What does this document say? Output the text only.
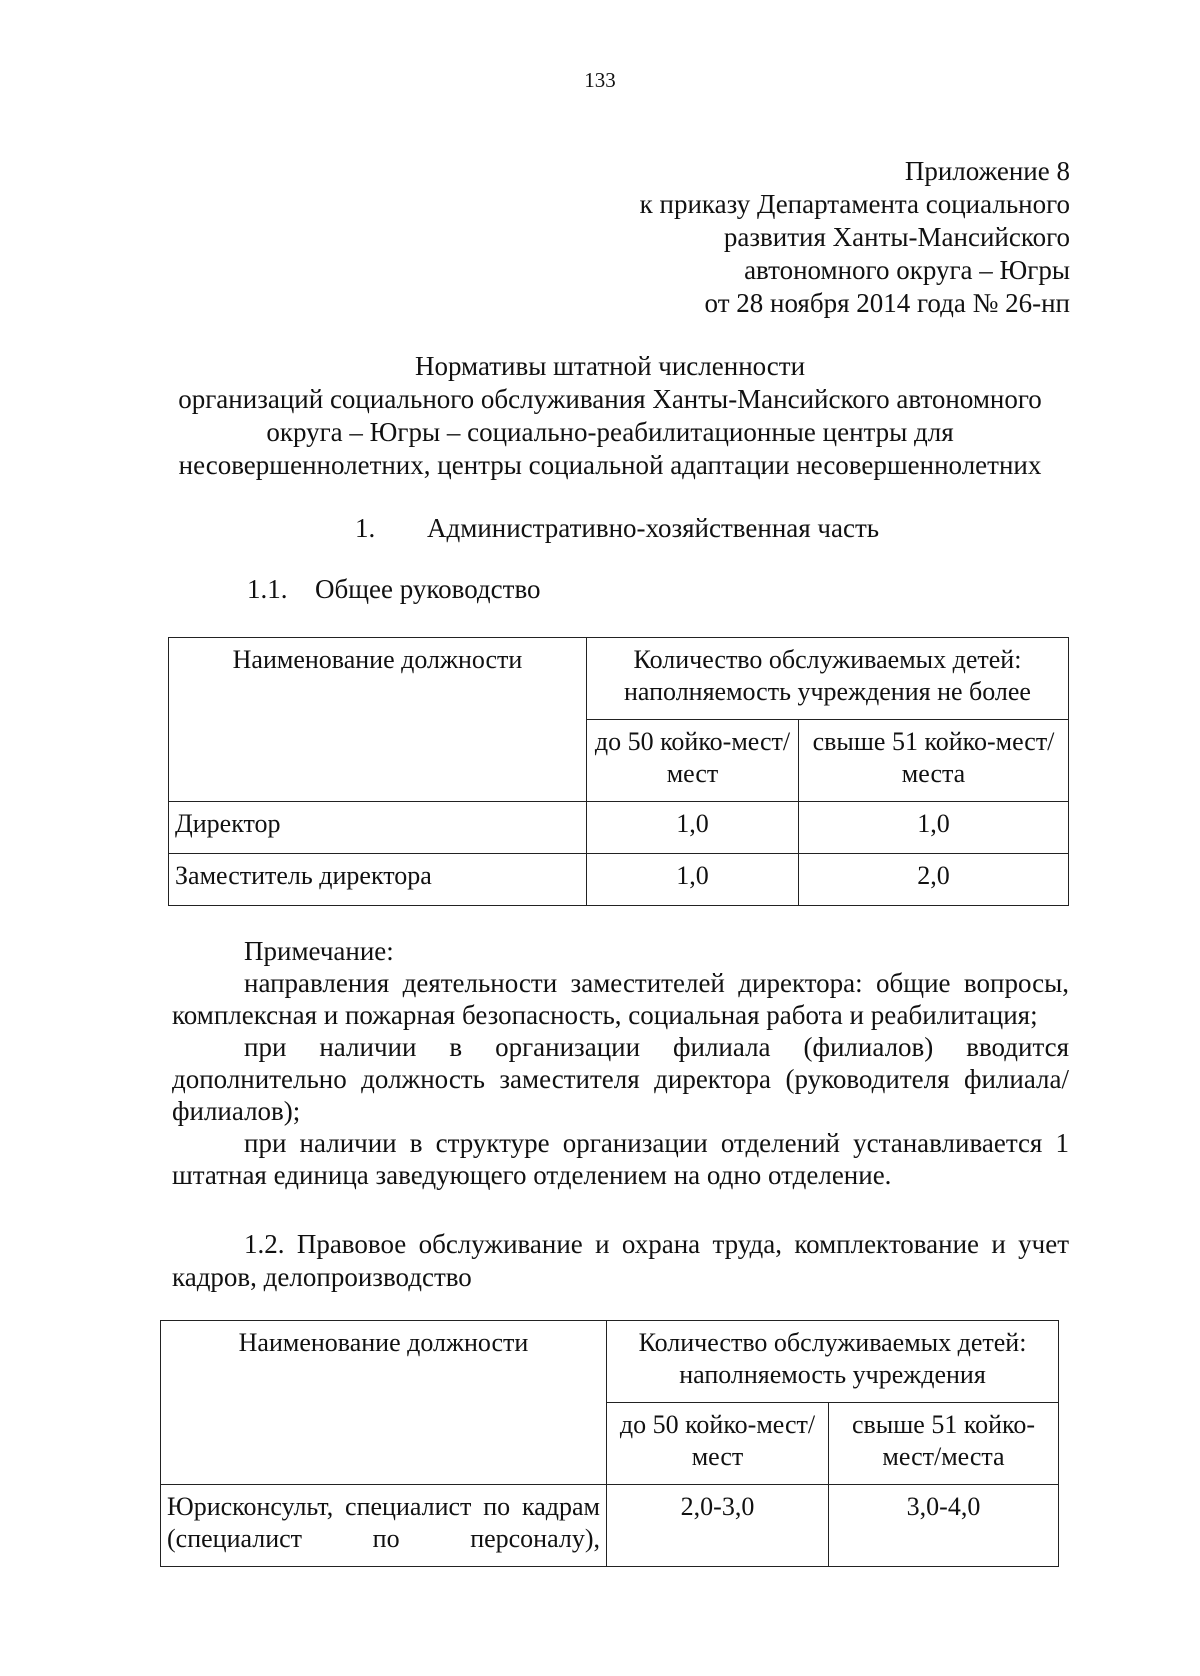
133
Приложение 8
к приказу Департамента социального
развития Ханты-Мансийского
автономного округа – Югры
от 28 ноября 2014 года № 26-нп
Нормативы штатной численности
организаций социального обслуживания Ханты-Мансийского автономного
округа – Югры – социально-реабилитационные центры для
несовершеннолетних, центры социальной адаптации несовершеннолетних
1. Административно-хозяйственная часть
1.1. Общее руководство
Наименование должности	Количество обслуживаемых детей: наполняемость учреждения не более	
	до 50 койко-мест/мест	свыше 51 койко-мест/места
Директор	1,0	1,0
Заместитель директора	1,0	2,0

Примечание:

направления деятельности заместителей директора: общие вопросы, комплексная и пожарная безопасность, социальная работа и реабилитация;

при наличии в организации филиала (филиалов) вводится дополнительно должность заместителя директора (руководителя филиала/филиалов);

при наличии в структуре организации отделений устанавливается 1 штатная единица заведующего отделением на одно отделение.

1.2. Правовое обслуживание и охрана труда, комплектование и учет кадров, делопроизводство
Наименование должности	Количество обслуживаемых детей: наполняемость учреждения	
	до 50 койко-мест/мест	свыше 51 койко-мест/места
Юрисконсульт, специалист по кадрам (специалист по персоналу),	2,0-3,0	3,0-4,0
